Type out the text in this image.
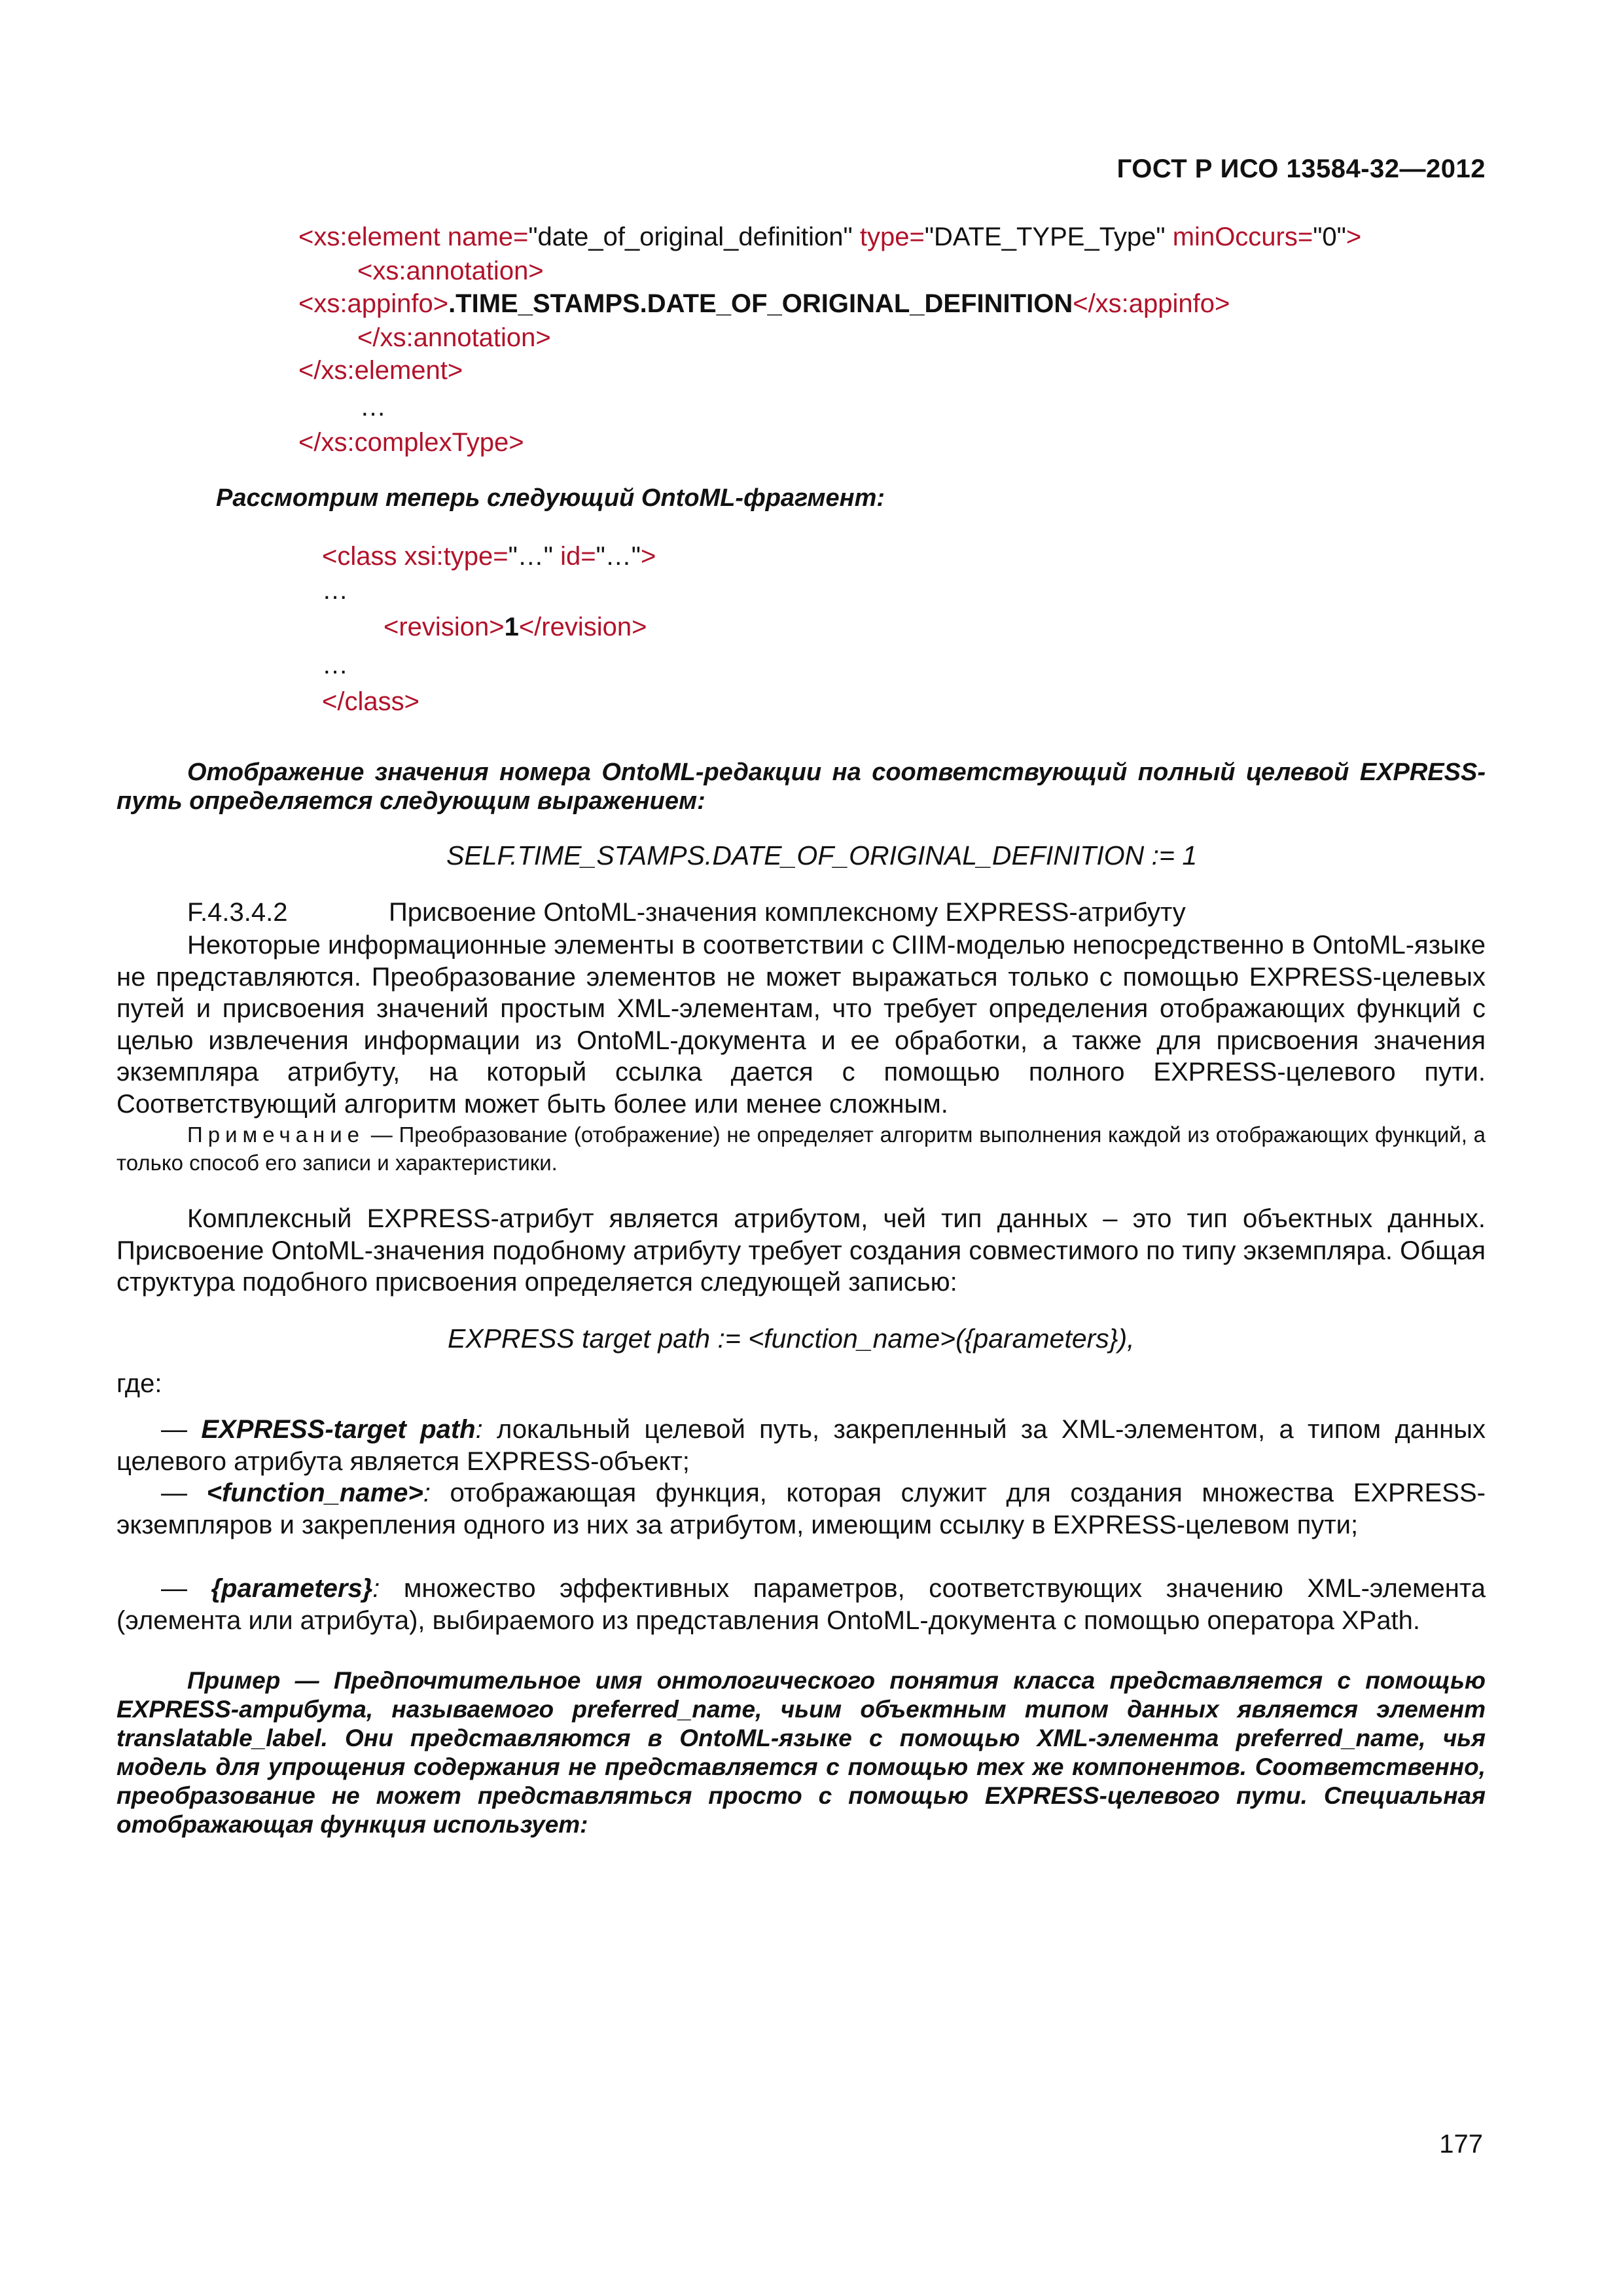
ГОСТ Р ИСО 13584-32—2012
<xs:element name="date_of_original_definition" type="DATE_TYPE_Type" minOccurs="0">
<xs:annotation>
<xs:appinfo>.TIME_STAMPS.DATE_OF_ORIGINAL_DEFINITION</xs:appinfo>
</xs:annotation>
</xs:element>
…
</xs:complexType>
Рассмотрим теперь следующий OntoML-фрагмент:
<class xsi:type="…" id="…">
…
<revision>1</revision>
…
</class>
Отображение значения номера OntoML-редакции на соответствующий полный целевой EXPRESS-путь определяется следующим выражением:
SELF.TIME_STAMPS.DATE_OF_ORIGINAL_DEFINITION := 1
F.4.3.4.2	Присвоение OntoML-значения комплексному EXPRESS-атрибуту
Некоторые информационные элементы в соответствии с CIIM-моделью непосредственно в OntoML-языке не представляются. Преобразование элементов не может выражаться только с помощью EXPRESS-целевых путей и присвоения значений простым XML-элементам, что требует определения отображающих функций с целью извлечения информации из OntoML-документа и ее обработки, а также для присвоения значения экземпляра атрибуту, на который ссылка дается с помощью полного EXPRESS-целевого пути. Соответствующий алгоритм может быть более или менее сложным.
Примечание — Преобразование (отображение) не определяет алгоритм выполнения каждой из отображающих функций, а только способ его записи и характеристики.
Комплексный EXPRESS-атрибут является атрибутом, чей тип данных – это тип объектных данных. Присвоение OntoML-значения подобному атрибуту требует создания совместимого по типу экземпляра. Общая структура подобного присвоения определяется следующей записью:
EXPRESS target path := <function_name>({parameters}),
где:
— EXPRESS-target path: локальный целевой путь, закрепленный за XML-элементом, а типом данных целевого атрибута является EXPRESS-объект;
— <function_name>: отображающая функция, которая служит для создания множества EXPRESS-экземпляров и закрепления одного из них за атрибутом, имеющим ссылку в EXPRESS-целевом пути;
— {parameters}: множество эффективных параметров, соответствующих значению XML-элемента (элемента или атрибута), выбираемого из представления OntoML-документа с помощью оператора XPath.
Пример — Предпочтительное имя онтологического понятия класса представляется с помощью EXPRESS-атрибута, называемого preferred_name, чьим объектным типом данных является элемент translatable_label. Они представляются в OntoML-языке с помощью XML-элемента preferred_name, чья модель для упрощения содержания не представляется с помощью тех же компонентов. Соответственно, преобразование не может представляться просто с помощью EXPRESS-целевого пути. Специальная отображающая функция использует:
177
